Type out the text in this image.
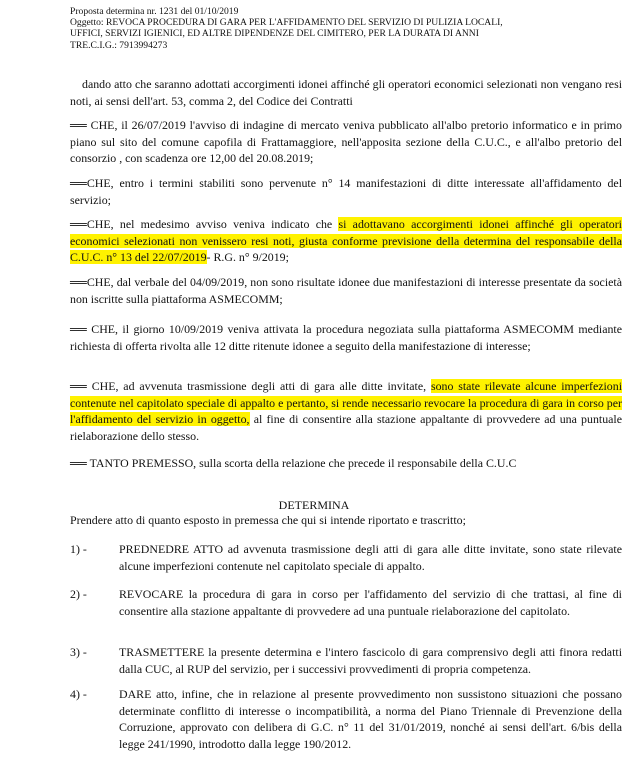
Proposta determina nr. 1231 del 01/10/2019
Oggetto: REVOCA PROCEDURA DI GARA PER L'AFFIDAMENTO DEL SERVIZIO DI PULIZIA LOCALI,
UFFICI, SERVIZI IGIENICI, ED ALTRE DIPENDENZE DEL CIMITERO, PER LA DURATA DI ANNI
TRE.C.I.G.: 7913994273
dando atto che saranno adottati accorgimenti idonei affinché gli operatori economici selezionati non vengano resi noti, ai sensi dell'art. 53, comma 2, del Codice dei Contratti
══ CHE, il 26/07/2019 l'avviso di indagine di mercato veniva pubblicato all'albo pretorio informatico e in primo piano sul sito del comune capofila di Frattamaggiore, nell'apposita sezione della C.U.C., e all'albo pretorio del consorzio , con scadenza ore 12,00 del 20.08.2019;
══CHE, entro i termini stabiliti sono pervenute n° 14 manifestazioni di ditte interessate all'affidamento del servizio;
══CHE, nel medesimo avviso veniva indicato che si adottavano accorgimenti idonei affinché gli operatori economici selezionati non venissero resi noti, giusta conforme previsione della determina del responsabile della C.U.C. n° 13 del 22/07/2019- R.G. n° 9/2019;
══CHE, dal verbale del 04/09/2019, non sono risultate idonee due manifestazioni di interesse presentate da società non iscritte sulla piattaforma ASMECOMM;
══ CHE, il giorno 10/09/2019 veniva attivata la procedura negoziata sulla piattaforma ASMECOMM mediante richiesta di offerta rivolta alle 12 ditte ritenute idonee a seguito della manifestazione di interesse;
══ CHE, ad avvenuta trasmissione degli atti di gara alle ditte invitate, sono state rilevate alcune imperfezioni contenute nel capitolato speciale di appalto e pertanto, si rende necessario revocare la procedura di gara in corso per l'affidamento del servizio in oggetto, al fine di consentire alla stazione appaltante di provvedere ad una puntuale rielaborazione dello stesso.
══ TANTO PREMESSO, sulla scorta della relazione che precede il responsabile della C.U.C
DETERMINA
Prendere atto di quanto esposto in premessa che qui si intende riportato e trascritto;
1) -	PREDNEDRE ATTO ad avvenuta trasmissione degli atti di gara alle ditte invitate, sono state rilevate alcune imperfezioni contenute nel capitolato speciale di appalto.
2) -	REVOCARE la procedura di gara in corso per l'affidamento del servizio di che trattasi, al fine di consentire alla stazione appaltante di provvedere ad una puntuale rielaborazione del capitolato.
3) -	TRASMETTERE la presente determina e l'intero fascicolo di gara comprensivo degli atti finora redatti dalla CUC, al RUP del servizio, per i successivi provvedimenti di propria competenza.
4) -	DARE atto, infine, che in relazione al presente provvedimento non sussistono situazioni che possano determinate conflitto di interesse o incompatibilità, a norma del Piano Triennale di Prevenzione della Corruzione, approvato con delibera di G.C. n° 11 del 31/01/2019, nonché ai sensi dell'art. 6/bis della legge 241/1990, introdotto dalla legge 190/2012.
